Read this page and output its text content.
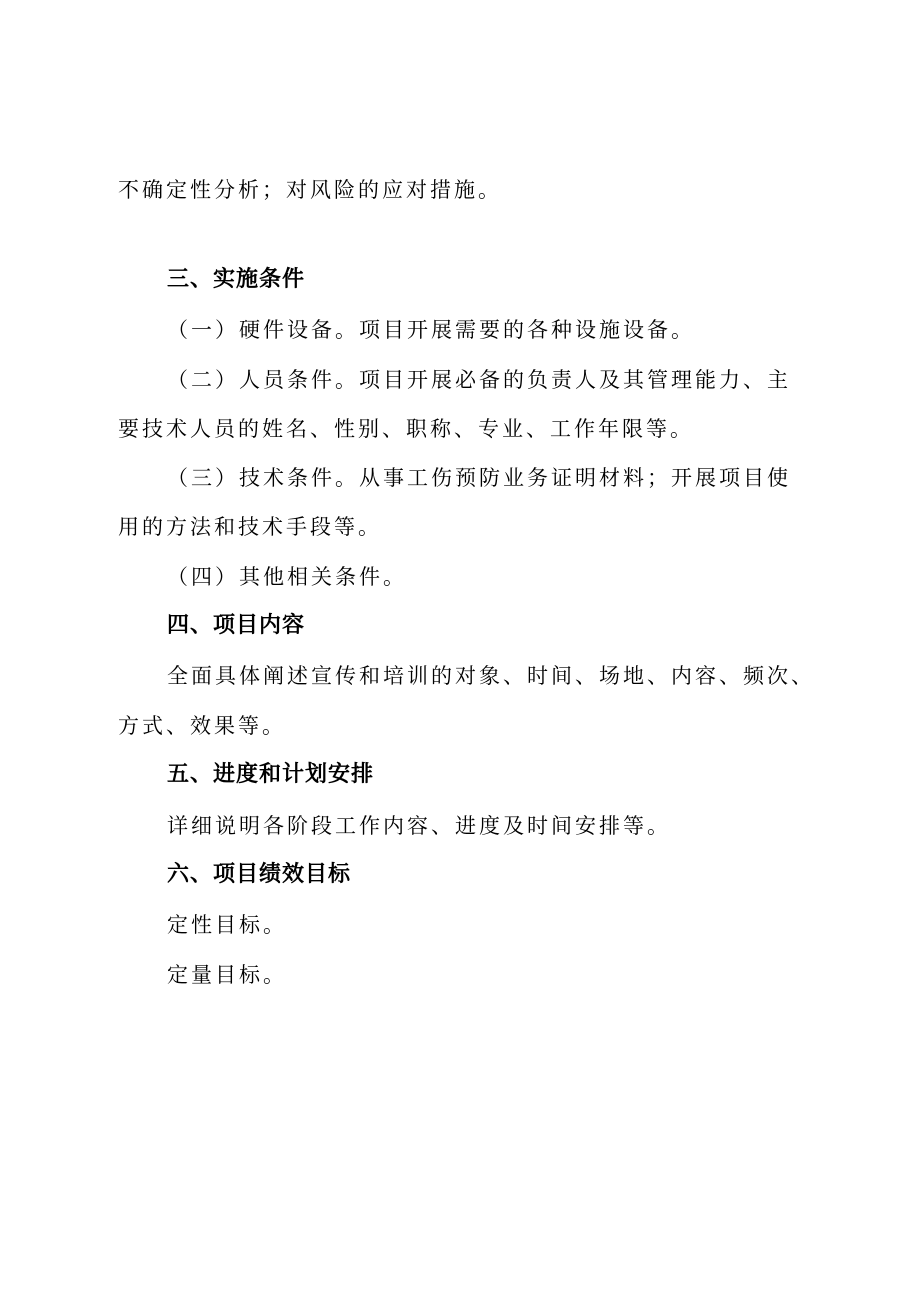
不确定性分析；对风险的应对措施。
三、实施条件
（一）硬件设备。项目开展需要的各种设施设备。
（二）人员条件。项目开展必备的负责人及其管理能力、主
要技术人员的姓名、性别、职称、专业、工作年限等。
（三）技术条件。从事工伤预防业务证明材料；开展项目使
用的方法和技术手段等。
（四）其他相关条件。
四、项目内容
全面具体阐述宣传和培训的对象、时间、场地、内容、频次、
方式、效果等。
五、进度和计划安排
详细说明各阶段工作内容、进度及时间安排等。
六、项目绩效目标
定性目标。
定量目标。
